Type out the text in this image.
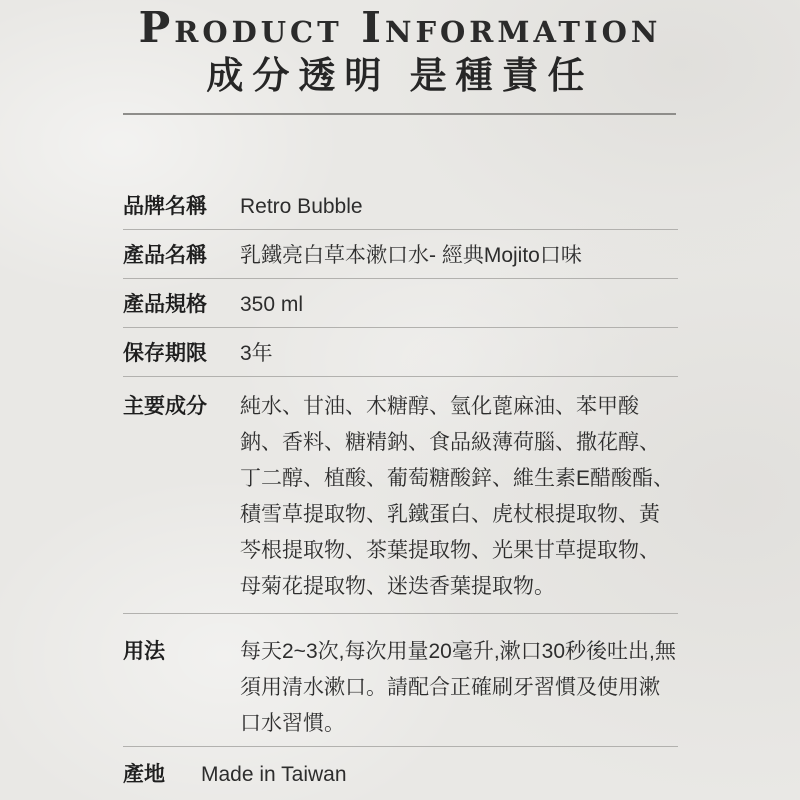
Product Information
成分透明 是種責任
品牌名稱	Retro Bubble
產品名稱	乳鐵亮白草本漱口水- 經典Mojito口味
產品規格	350 ml
保存期限	3年
主要成分	純水、甘油、木糖醇、氫化蓖麻油、苯甲酸鈉、香料、糖精鈉、食品級薄荷腦、撒花醇、丁二醇、植酸、葡萄糖酸鋅、維生素E醋酸酯、積雪草提取物、乳鐵蛋白、虎杖根提取物、黃芩根提取物、茶葉提取物、光果甘草提取物、母菊花提取物、迷迭香葉提取物。
用法	每天2~3次,每次用量20毫升,漱口30秒後吐出,無須用清水漱口。請配合正確刷牙習慣及使用漱口水習慣。
產地 Made in Taiwan
